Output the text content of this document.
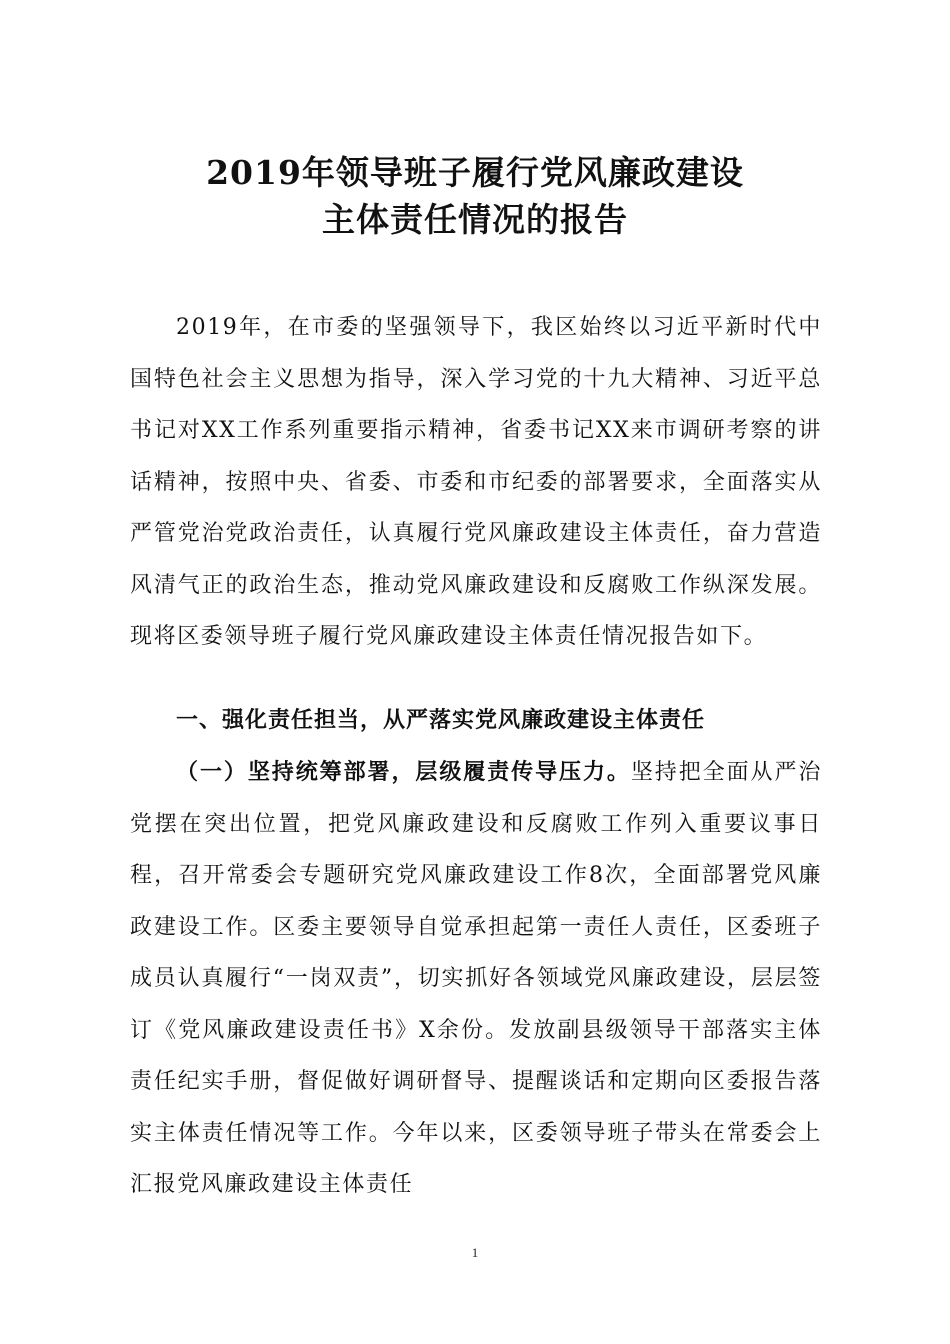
2019年领导班子履行党风廉政建设
主体责任情况的报告

2019年，在市委的坚强领导下，我区始终以习近平新时代中国特色社会主义思想为指导，深入学习党的十九大精神、习近平总书记对XX工作系列重要指示精神，省委书记XX来市调研考察的讲话精神，按照中央、省委、市委和市纪委的部署要求，全面落实从严管党治党政治责任，认真履行党风廉政建设主体责任，奋力营造风清气正的政治生态，推动党风廉政建设和反腐败工作纵深发展。现将区委领导班子履行党风廉政建设主体责任情况报告如下。

一、强化责任担当，从严落实党风廉政建设主体责任

（一）坚持统筹部署，层级履责传导压力。坚持把全面从严治党摆在突出位置，把党风廉政建设和反腐败工作列入重要议事日程，召开常委会专题研究党风廉政建设工作8次，全面部署党风廉政建设工作。区委主要领导自觉承担起第一责任人责任，区委班子成员认真履行“一岗双责”，切实抓好各领域党风廉政建设，层层签订《党风廉政建设责任书》X余份。发放副县级领导干部落实主体责任纪实手册，督促做好调研督导、提醒谈话和定期向区委报告落实主体责任情况等工作。今年以来，区委领导班子带头在常委会上汇报党风廉政建设主体责任

1
